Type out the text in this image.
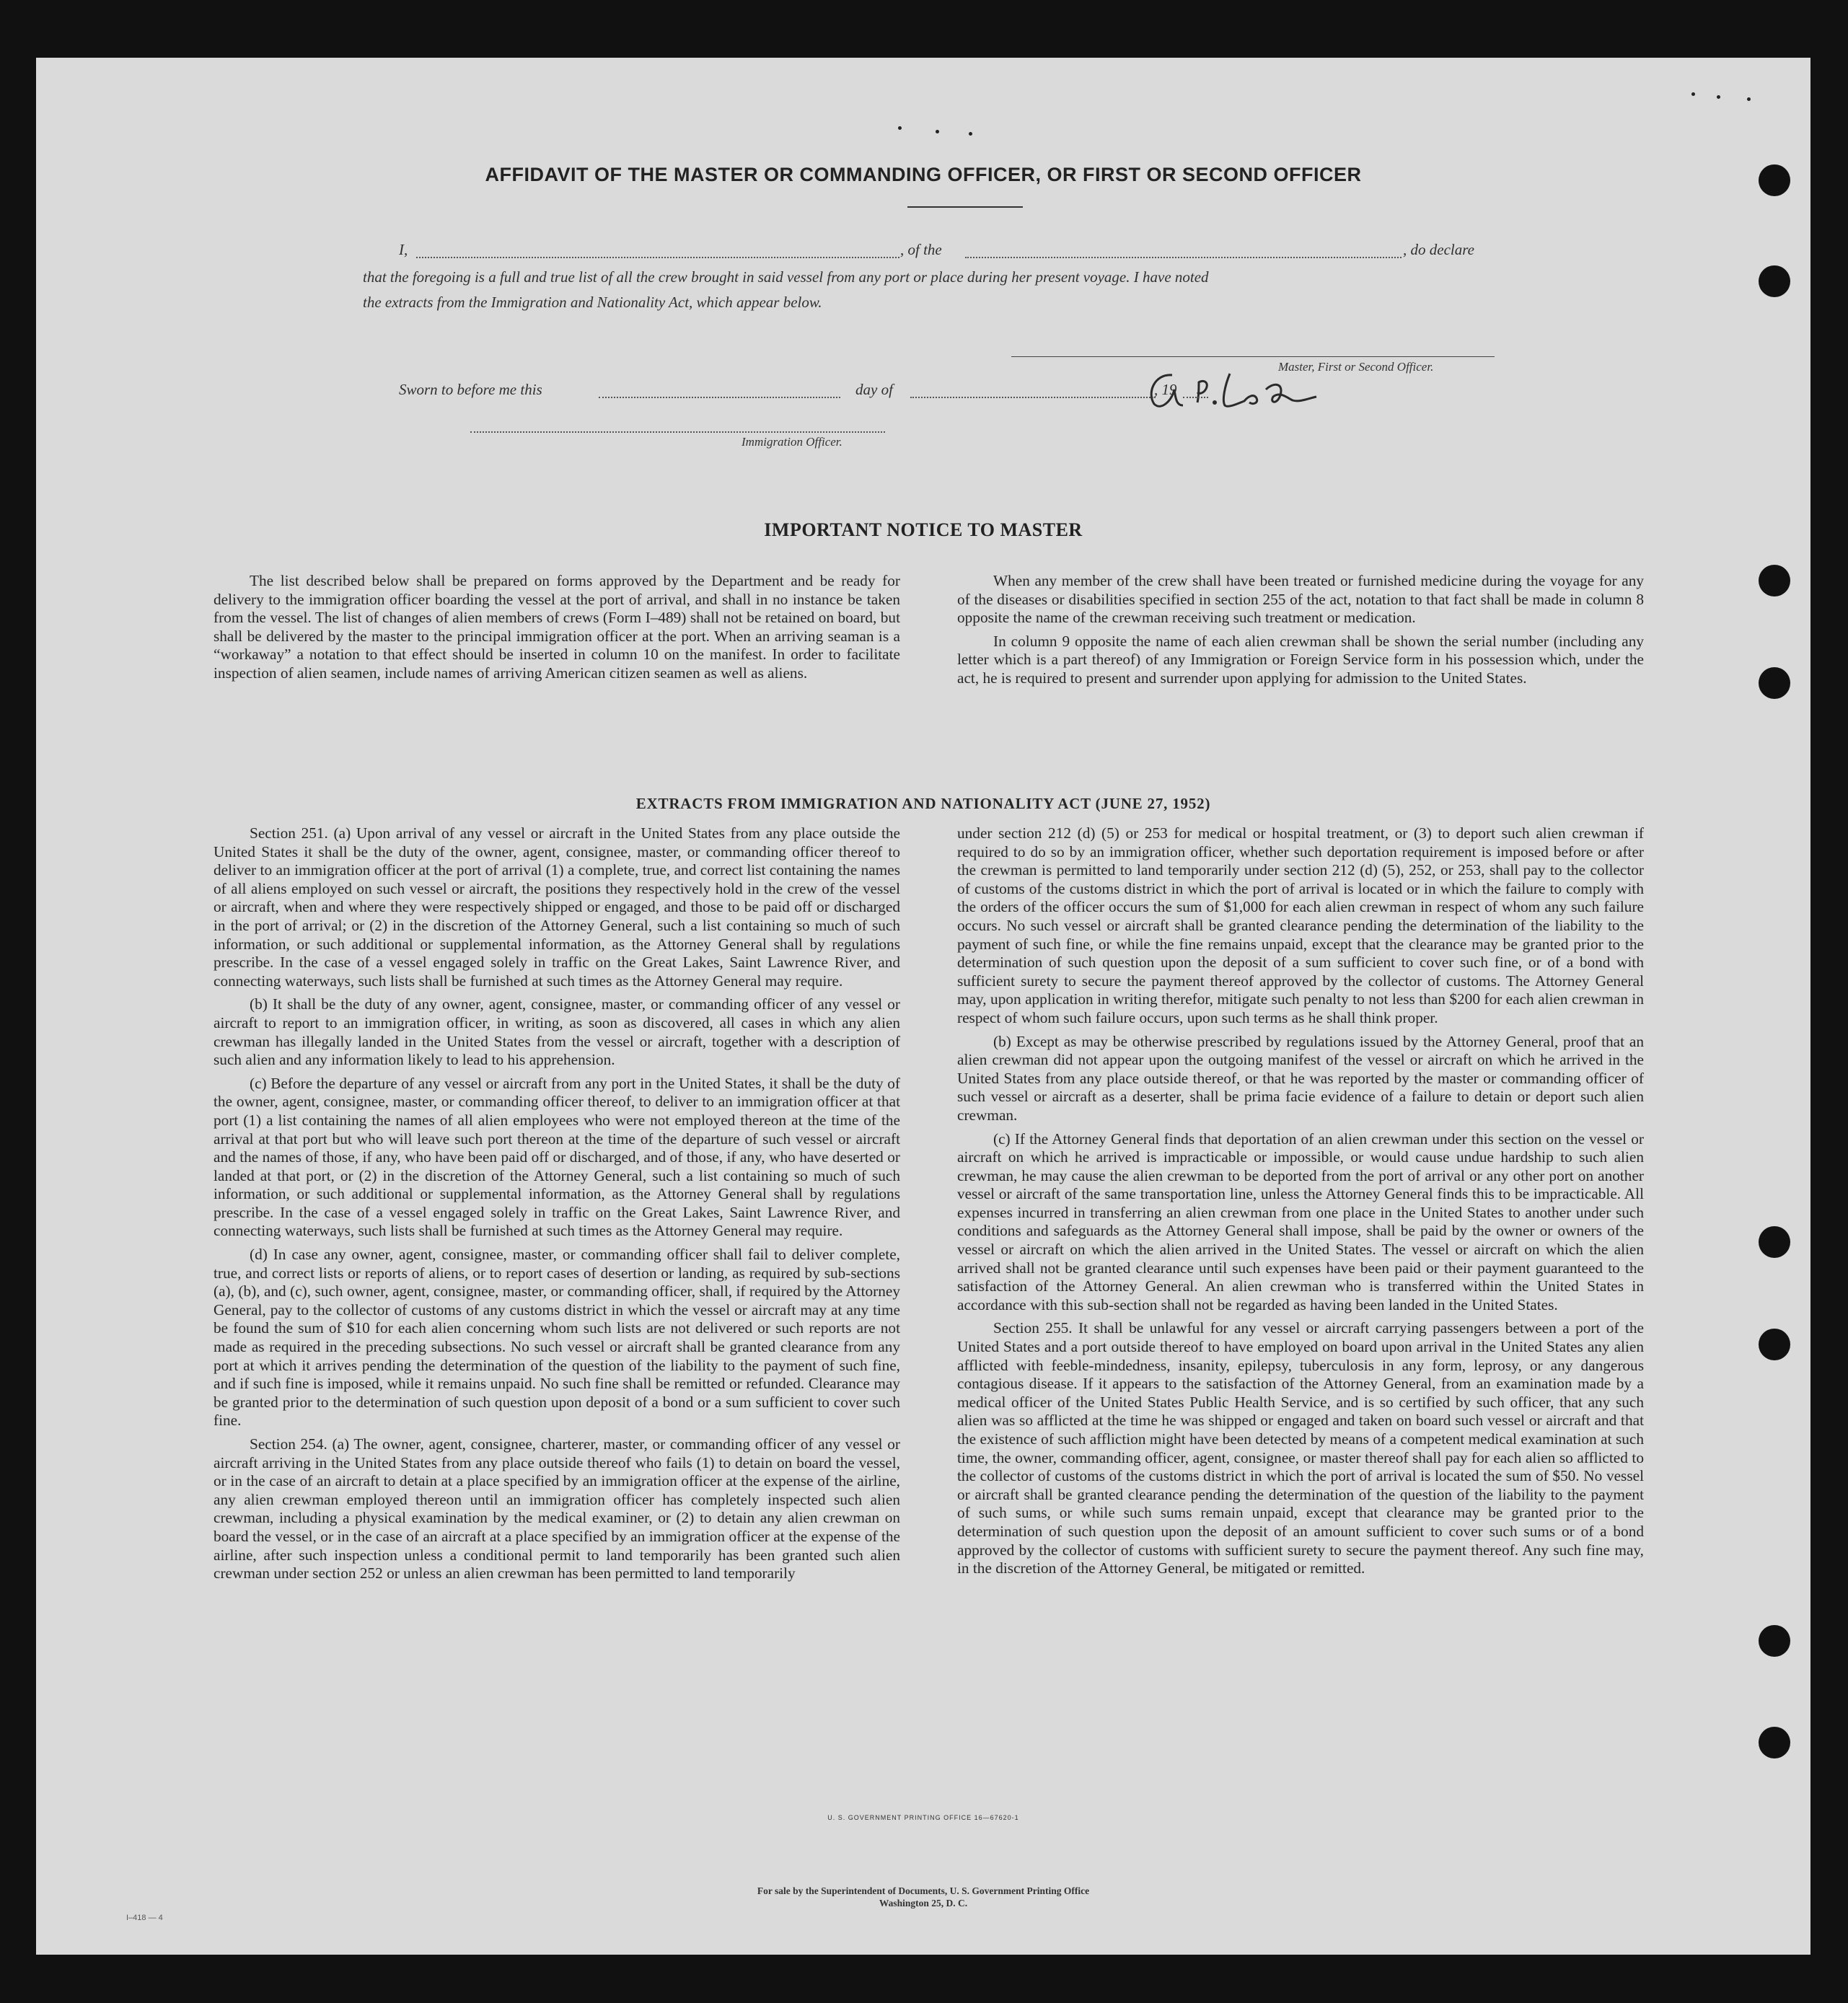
AFFIDAVIT OF THE MASTER OR COMMANDING OFFICER, OR FIRST OR SECOND OFFICER
I,	, of the	, do declare
that the foregoing is a full and true list of all the crew brought in said vessel from any port or place during her present voyage. I have noted
the extracts from the Immigration and Nationality Act, which appear below.
Master, First or Second Officer.
Sworn to before me this	day of	, 19
Immigration Officer.
IMPORTANT NOTICE TO MASTER

The list described below shall be prepared on forms approved by the Department and be ready for delivery to the immigration officer boarding the vessel at the port of arrival, and shall in no instance be taken from the vessel. The list of changes of alien members of crews (Form I–489) shall not be retained on board, but shall be delivered by the master to the principal immigration officer at the port. When an arriving seaman is a “workaway” a notation to that effect should be inserted in column 10 on the manifest. In order to facilitate inspection of alien seamen, include names of arriving American citizen seamen as well as aliens.

When any member of the crew shall have been treated or furnished medicine during the voyage for any of the diseases or disabilities specified in section 255 of the act, notation to that fact shall be made in column 8 opposite the name of the crewman receiving such treatment or medication.

In column 9 opposite the name of each alien crewman shall be shown the serial number (including any letter which is a part thereof) of any Immigration or Foreign Service form in his possession which, under the act, he is required to present and surrender upon applying for admission to the United States.

EXTRACTS FROM IMMIGRATION AND NATIONALITY ACT (JUNE 27, 1952)

Section 251. (a) Upon arrival of any vessel or aircraft in the United States from any place outside the United States it shall be the duty of the owner, agent, consignee, master, or commanding officer thereof to deliver to an immigration officer at the port of arrival (1) a complete, true, and correct list containing the names of all aliens employed on such vessel or aircraft, the positions they respectively hold in the crew of the vessel or aircraft, when and where they were respectively shipped or engaged, and those to be paid off or discharged in the port of arrival; or (2) in the discretion of the Attorney General, such a list containing so much of such information, or such additional or supplemental information, as the Attorney General shall by regulations prescribe. In the case of a vessel engaged solely in traffic on the Great Lakes, Saint Lawrence River, and connecting waterways, such lists shall be furnished at such times as the Attorney General may require.

(b) It shall be the duty of any owner, agent, consignee, master, or commanding officer of any vessel or aircraft to report to an immigration officer, in writing, as soon as discovered, all cases in which any alien crewman has illegally landed in the United States from the vessel or aircraft, together with a description of such alien and any information likely to lead to his apprehension.

(c) Before the departure of any vessel or aircraft from any port in the United States, it shall be the duty of the owner, agent, consignee, master, or commanding officer thereof, to deliver to an immigration officer at that port (1) a list containing the names of all alien employees who were not employed thereon at the time of the arrival at that port but who will leave such port thereon at the time of the departure of such vessel or aircraft and the names of those, if any, who have been paid off or discharged, and of those, if any, who have deserted or landed at that port, or (2) in the discretion of the Attorney General, such a list containing so much of such information, or such additional or supplemental information, as the Attorney General shall by regulations prescribe. In the case of a vessel engaged solely in traffic on the Great Lakes, Saint Lawrence River, and connecting waterways, such lists shall be furnished at such times as the Attorney General may require.

(d) In case any owner, agent, consignee, master, or commanding officer shall fail to deliver complete, true, and correct lists or reports of aliens, or to report cases of desertion or landing, as required by sub-sections (a), (b), and (c), such owner, agent, consignee, master, or commanding officer, shall, if required by the Attorney General, pay to the collector of customs of any customs district in which the vessel or aircraft may at any time be found the sum of $10 for each alien concerning whom such lists are not delivered or such reports are not made as required in the preceding subsections. No such vessel or aircraft shall be granted clearance from any port at which it arrives pending the determination of the question of the liability to the payment of such fine, and if such fine is imposed, while it remains unpaid. No such fine shall be remitted or refunded. Clearance may be granted prior to the determination of such question upon deposit of a bond or a sum sufficient to cover such fine.

Section 254. (a) The owner, agent, consignee, charterer, master, or commanding officer of any vessel or aircraft arriving in the United States from any place outside thereof who fails (1) to detain on board the vessel, or in the case of an aircraft to detain at a place specified by an immigration officer at the expense of the airline, any alien crewman employed thereon until an immigration officer has completely inspected such alien crewman, including a physical examination by the medical examiner, or (2) to detain any alien crewman on board the vessel, or in the case of an aircraft at a place specified by an immigration officer at the expense of the airline, after such inspection unless a conditional permit to land temporarily has been granted such alien crewman under section 252 or unless an alien crewman has been permitted to land temporarily

under section 212 (d) (5) or 253 for medical or hospital treatment, or (3) to deport such alien crewman if required to do so by an immigration officer, whether such deportation requirement is imposed before or after the crewman is permitted to land temporarily under section 212 (d) (5), 252, or 253, shall pay to the collector of customs of the customs district in which the port of arrival is located or in which the failure to comply with the orders of the officer occurs the sum of $1,000 for each alien crewman in respect of whom any such failure occurs. No such vessel or aircraft shall be granted clearance pending the determination of the liability to the payment of such fine, or while the fine remains unpaid, except that the clearance may be granted prior to the determination of such question upon the deposit of a sum sufficient to cover such fine, or of a bond with sufficient surety to secure the payment thereof approved by the collector of customs. The Attorney General may, upon application in writing therefor, mitigate such penalty to not less than $200 for each alien crewman in respect of whom such failure occurs, upon such terms as he shall think proper.

(b) Except as may be otherwise prescribed by regulations issued by the Attorney General, proof that an alien crewman did not appear upon the outgoing manifest of the vessel or aircraft on which he arrived in the United States from any place outside thereof, or that he was reported by the master or commanding officer of such vessel or aircraft as a deserter, shall be prima facie evidence of a failure to detain or deport such alien crewman.

(c) If the Attorney General finds that deportation of an alien crewman under this section on the vessel or aircraft on which he arrived is impracticable or impossible, or would cause undue hardship to such alien crewman, he may cause the alien crewman to be deported from the port of arrival or any other port on another vessel or aircraft of the same transportation line, unless the Attorney General finds this to be impracticable. All expenses incurred in transferring an alien crewman from one place in the United States to another under such conditions and safeguards as the Attorney General shall impose, shall be paid by the owner or owners of the vessel or aircraft on which the alien arrived in the United States. The vessel or aircraft on which the alien arrived shall not be granted clearance until such expenses have been paid or their payment guaranteed to the satisfaction of the Attorney General. An alien crewman who is transferred within the United States in accordance with this sub-section shall not be regarded as having been landed in the United States.

Section 255. It shall be unlawful for any vessel or aircraft carrying passengers between a port of the United States and a port outside thereof to have employed on board upon arrival in the United States any alien afflicted with feeble-mindedness, insanity, epilepsy, tuberculosis in any form, leprosy, or any dangerous contagious disease. If it appears to the satisfaction of the Attorney General, from an examination made by a medical officer of the United States Public Health Service, and is so certified by such officer, that any such alien was so afflicted at the time he was shipped or engaged and taken on board such vessel or aircraft and that the existence of such affliction might have been detected by means of a competent medical examination at such time, the owner, commanding officer, agent, consignee, or master thereof shall pay for each alien so afflicted to the collector of customs of the customs district in which the port of arrival is located the sum of $50. No vessel or aircraft shall be granted clearance pending the determination of the question of the liability to the payment of such sums, or while such sums remain unpaid, except that clearance may be granted prior to the determination of such question upon the deposit of an amount sufficient to cover such sums or of a bond approved by the collector of customs with sufficient surety to secure the payment thereof. Any such fine may, in the discretion of the Attorney General, be mitigated or remitted.

U. S. GOVERNMENT PRINTING OFFICE 16—67620-1
For sale by the Superintendent of Documents, U. S. Government Printing Office
Washington 25, D. C.
I–418 — 4
